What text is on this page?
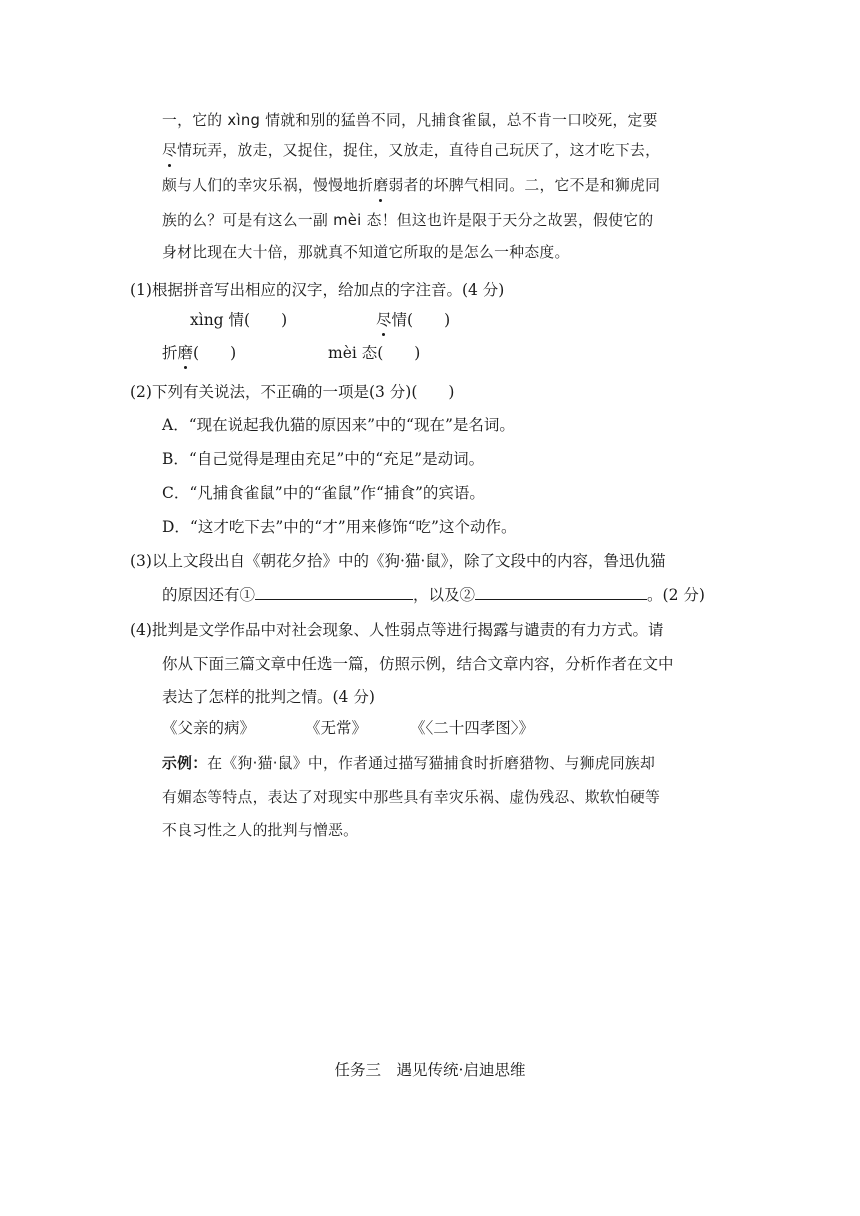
一，它的 xìng 情就和别的猛兽不同，凡捕食雀鼠，总不肯一口咬死，定要
尽情玩弄，放走，又捉住，捉住，又放走，直待自己玩厌了，这才吃下去，
颇与人们的幸灾乐祸，慢慢地折磨弱者的坏脾气相同。二，它不是和狮虎同
族的么？可是有这么一副 mèi 态！但这也许是限于天分之故罢，假使它的
身材比现在大十倍，那就真不知道它所取的是怎么一种态度。
(1)根据拼音写出相应的汉字，给加点的字注音。(4 分)
xìng 情(　　)	尽情(　　)
折磨(　　)	mèi 态(　　)
(2)下列有关说法，不正确的一项是(3 分)(　　)
A．“现在说起我仇猫的原因来”中的“现在”是名词。
B．“自己觉得是理由充足”中的“充足”是动词。
C．“凡捕食雀鼠”中的“雀鼠”作“捕食”的宾语。
D．“这才吃下去”中的“才”用来修饰“吃”这个动作。
(3)以上文段出自《朝花夕拾》中的《狗·猫·鼠》，除了文段中的内容，鲁迅仇猫
的原因还有①	，以及②	。(2 分)
(4)批判是文学作品中对社会现象、人性弱点等进行揭露与谴责的有力方式。请
你从下面三篇文章中任选一篇，仿照示例，结合文章内容，分析作者在文中
表达了怎样的批判之情。(4 分)
《父亲的病》	《无常》	《〈二十四孝图〉》
示例：在《狗·猫·鼠》中，作者通过描写猫捕食时折磨猎物、与狮虎同族却
有媚态等特点，表达了对现实中那些具有幸灾乐祸、虚伪残忍、欺软怕硬等
不良习性之人的批判与憎恶。
任务三　遇见传统·启迪思维
